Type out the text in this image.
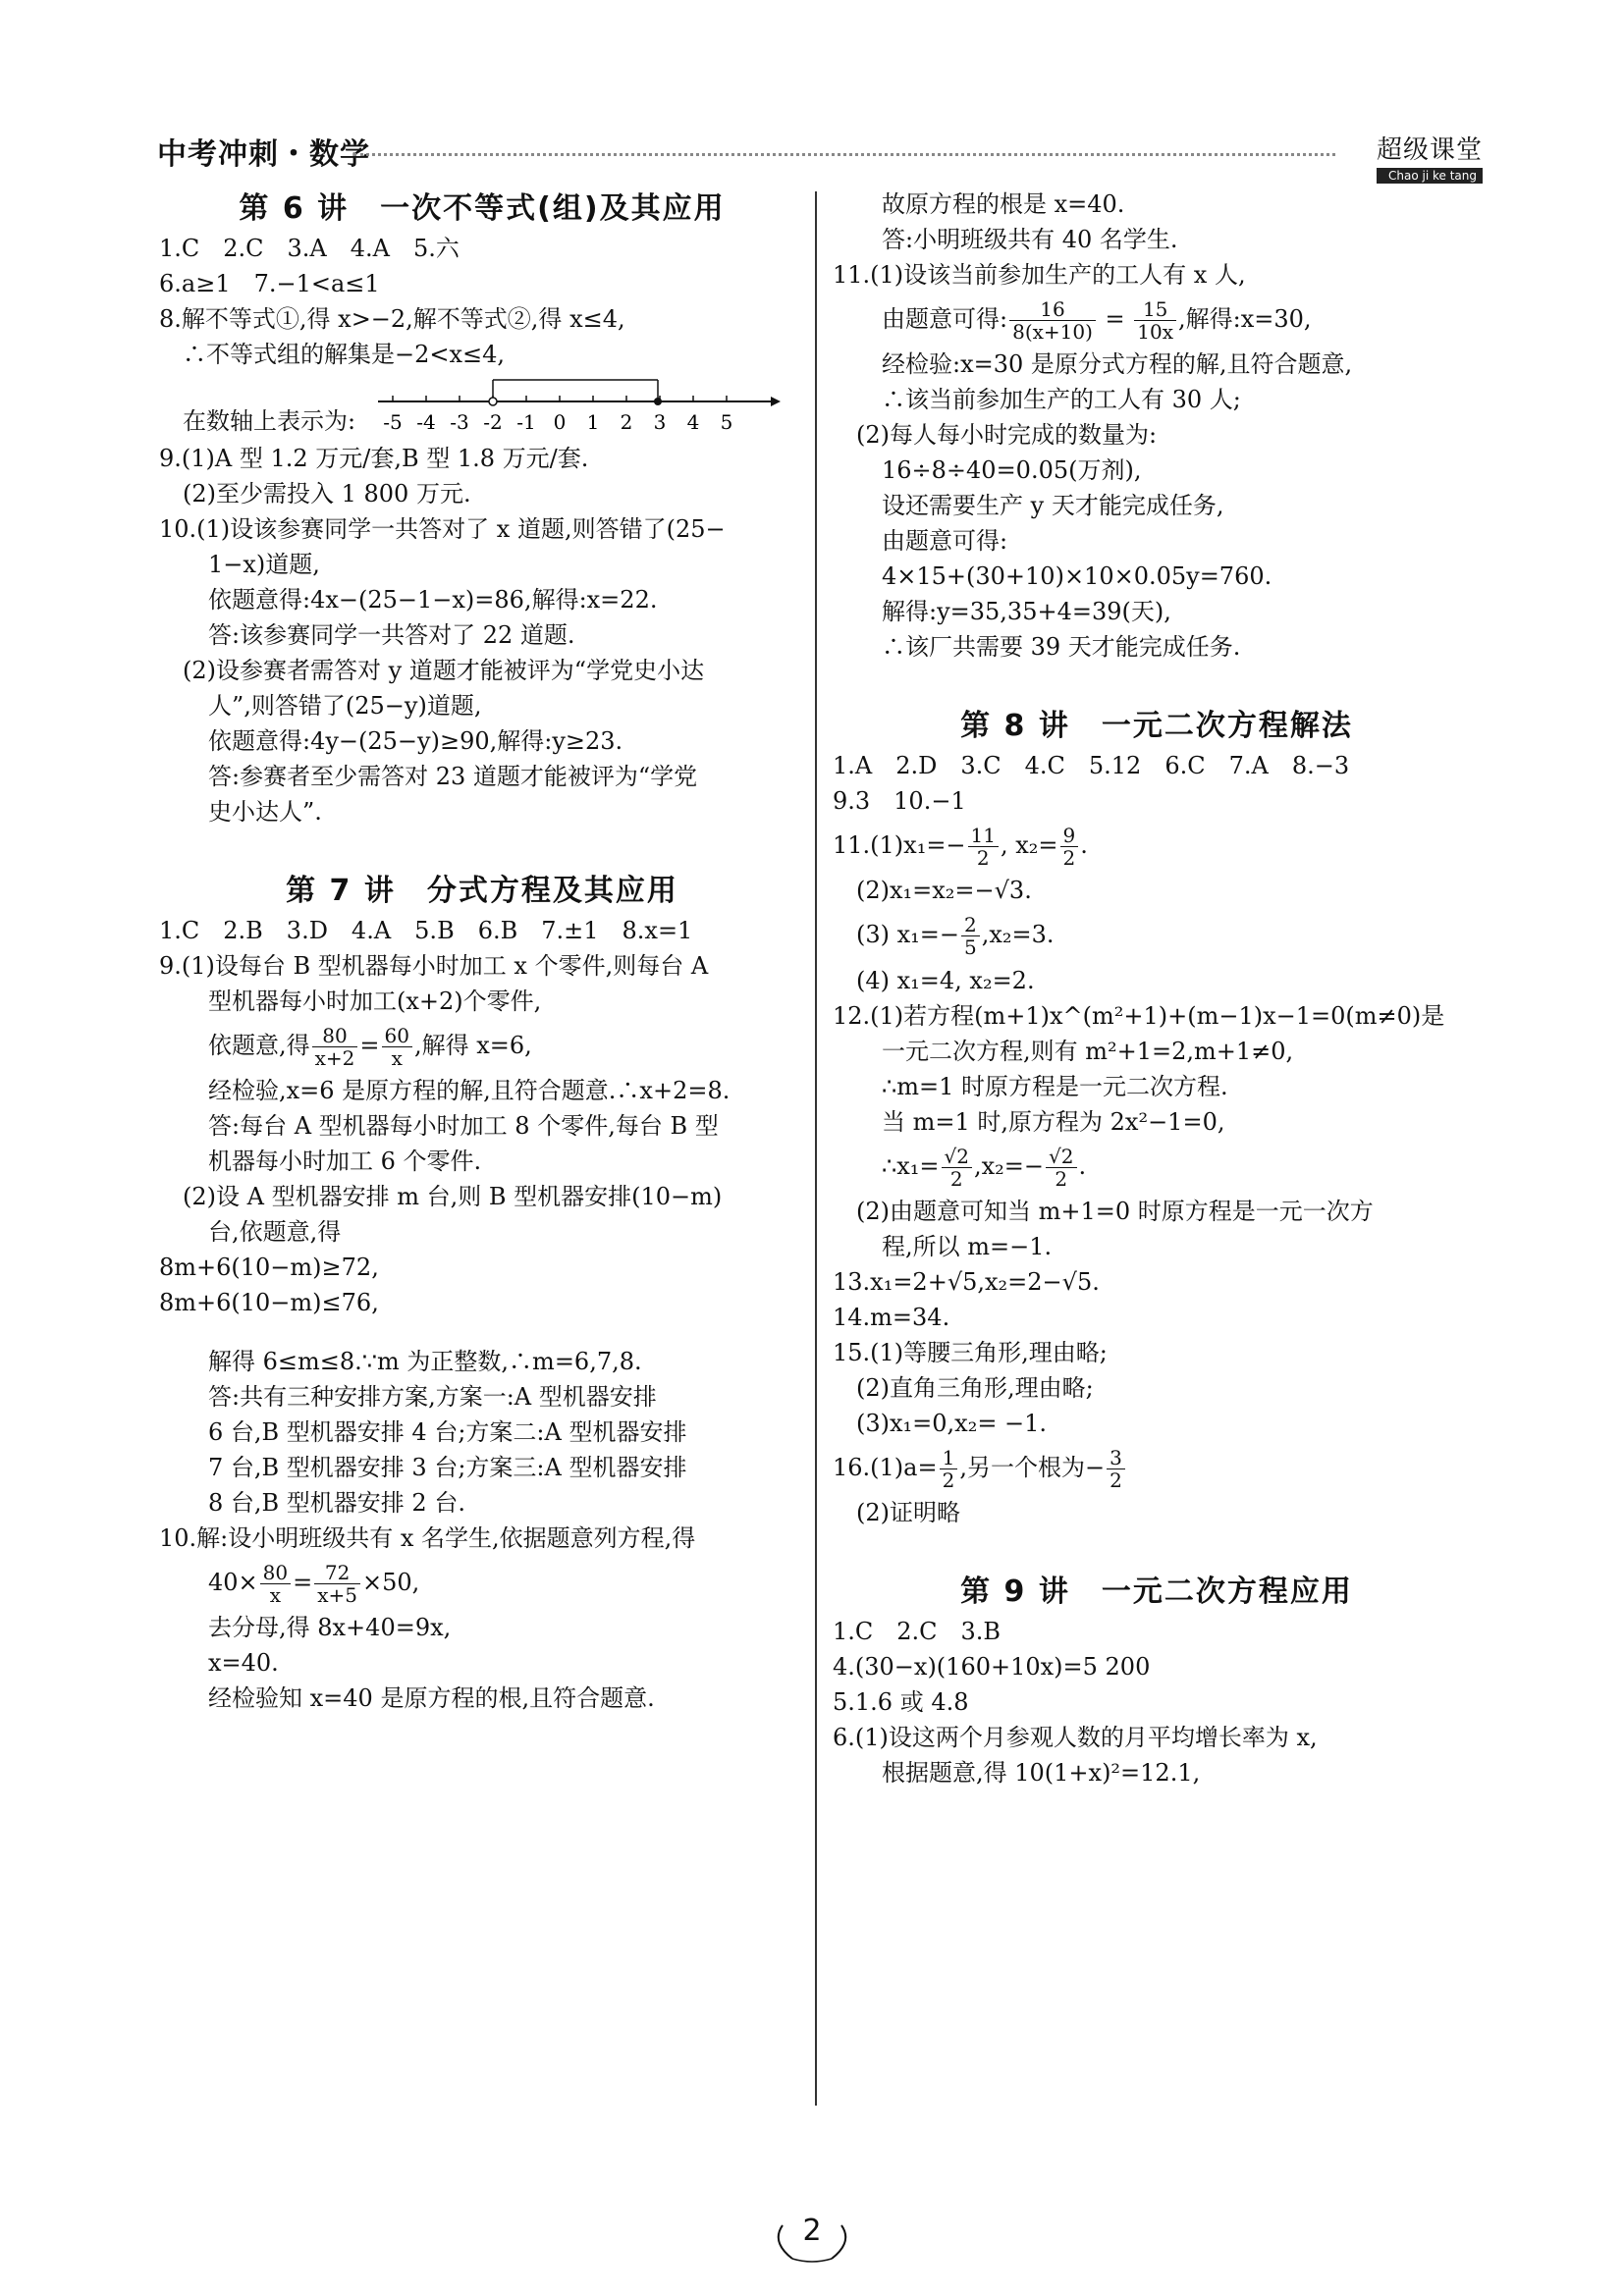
中考冲刺・数学	超级课堂
Chao ji ke tang

第 6 讲　一次不等式(组)及其应用

1.C　2.C　3.A　4.A　5.六

6.a≥1　7.−1<a≤1

8.解不等式①,得 x>−2,解不等式②,得 x≤4,

∴不等式组的解集是−2<x≤4,

在数轴上表示为: -5 -4 -3 -2 -1 0 1 2 3 4 5

9.(1)A 型 1.2 万元/套,B 型 1.8 万元/套.

(2)至少需投入 1 800 万元.

10.(1)设该参赛同学一共答对了 x 道题,则答错了(25−

1−x)道题,

依题意得:4x−(25−1−x)=86,解得:x=22.

答:该参赛同学一共答对了 22 道题.

(2)设参赛者需答对 y 道题才能被评为“学党史小达

人”,则答错了(25−y)道题,

依题意得:4y−(25−y)≥90,解得:y≥23.

答:参赛者至少需答对 23 道题才能被评为“学党

史小达人”.

第 7 讲　分式方程及其应用

1.C　2.B　3.D　4.A　5.B　6.B　7.±1　8.x=1

9.(1)设每台 B 型机器每小时加工 x 个零件,则每台 A

型机器每小时加工(x+2)个零件,

依题意,得 $\frac{80}{x+2} = \frac{60}{x}$ ,解得 x=6,

经检验,x=6 是原方程的解,且符合题意.∴x+2=8.

答:每台 A 型机器每小时加工 8 个零件,每台 B 型

机器每小时加工 6 个零件.

(2)设 A 型机器安排 m 台,则 B 型机器安排(10−m)

台,依题意,得

8m+6(10−m)≥72,
8m+6(10−m)≤76,

解得 6≤m≤8.∵m 为正整数,∴m=6,7,8.

答:共有三种安排方案,方案一:A 型机器安排

6 台,B 型机器安排 4 台;方案二:A 型机器安排

7 台,B 型机器安排 3 台;方案三:A 型机器安排

8 台,B 型机器安排 2 台.

10.解:设小明班级共有 x 名学生,依据题意列方程,得

$40\times \frac{80}{x} = \frac{72}{x+5} \times 50$,

去分母,得 8x+40=9x,

x=40.

经检验知 x=40 是原方程的根,且符合题意.

故原方程的根是 x=40.

答:小明班级共有 40 名学生.

11.(1)设该当前参加生产的工人有 x 人,

由题意可得: $\frac{16}{8(x+10)} = \frac{15}{10x}$ ,解得:x=30,

经检验:x=30 是原分式方程的解,且符合题意,

∴该当前参加生产的工人有 30 人;

(2)每人每小时完成的数量为:

16÷8÷40=0.05(万剂),

设还需要生产 y 天才能完成任务,

由题意可得:

4×15+(30+10)×10×0.05y=760.

解得:y=35,35+4=39(天),

∴该厂共需要 39 天才能完成任务.

第 8 讲　一元二次方程解法

1.A　2.D　3.C　4.C　5.12　6.C　7.A　8.−3

9.3　10.−1

$11.(1)x_1=- \frac{11}{2}$ , $x_2= \frac{9}{2}$ .

(2)x₁=x₂=−√3.

(3) $x_1=- \frac{2}{5} ,x_2=3$.

(4) x₁=4, x₂=2.

12.(1)若方程(m+1)x^(m²+1)+(m−1)x−1=0(m≠0)是

一元二次方程,则有 m²+1=2,m+1≠0,

∴m=1 时原方程是一元二次方程.

当 m=1 时,原方程为 2x²−1=0,

∴x₁= $\frac{√2}{2} ,x_2=- \frac{√2}{2}$ .

(2)由题意可知当 m+1=0 时原方程是一元一次方

程,所以 m=−1.

13.x₁=2+√5,x₂=2−√5.

14.m=34.

15.(1)等腰三角形,理由略;

(2)直角三角形,理由略;

(3)x₁=0,x₂= −1.

$16.(1)a= \frac{1}{2}$ ,另一个根为− $\frac{3}{2}$

(2)证明略

第 9 讲　一元二次方程应用

1.C　2.C　3.B

4.(30−x)(160+10x)=5 200

5.1.6 或 4.8

6.(1)设这两个月参观人数的月平均增长率为 x,

根据题意,得 10(1+x)²=12.1,

2
